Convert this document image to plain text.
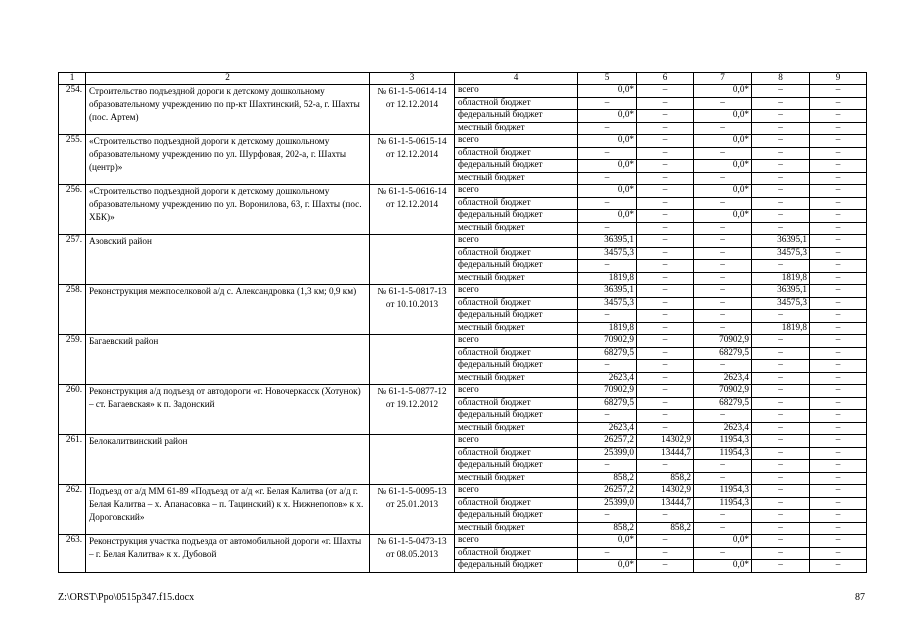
1	2	3	4	5	6	7	8	9
254.	Строительство подъездной дороги к детскому дошкольному образовательному учреждению по пр-кт Шахтинский, 52-а, г. Шахты (пос. Артем)	№ 61-1-5-0614-14 от 12.12.2014	всего	0,0*	–	0,0*	–	–
			областной бюджет	–	–	–	–	–
			федеральный бюджет	0,0*	–	0,0*	–	–
			местный бюджет	–	–	–	–	–
255.	«Строительство подъездной дороги к детскому дошкольному образовательному учреждению по ул. Шурфовая, 202-а, г. Шахты (центр)»	№ 61-1-5-0615-14 от 12.12.2014	всего	0,0*	–	0,0*	–	–
			областной бюджет	–	–	–	–	–
			федеральный бюджет	0,0*	–	0,0*	–	–
			местный бюджет	–	–	–	–	–
256.	«Строительство подъездной дороги к детскому дошкольному образовательному учреждению по ул. Воронилова, 63, г. Шахты (пос. ХБК)»	№ 61-1-5-0616-14 от 12.12.2014	всего	0,0*	–	0,0*	–	–
			областной бюджет	–	–	–	–	–
			федеральный бюджет	0,0*	–	0,0*	–	–
			местный бюджет	–	–	–	–	–
257.	Азовский район		всего	36395,1	–	–	36395,1	–
			областной бюджет	34575,3	–	–	34575,3	–
			федеральный бюджет	–	–	–	–	–
			местный бюджет	1819,8	–	–	1819,8	–
258.	Реконструкция межпоселковой а/д с. Александровка (1,3 км; 0,9 км)	№ 61-1-5-0817-13 от 10.10.2013	всего	36395,1	–	–	36395,1	–
			областной бюджет	34575,3	–	–	34575,3	–
			федеральный бюджет	–	–	–	–	–
			местный бюджет	1819,8	–	–	1819,8	–
259.	Багаевский район		всего	70902,9	–	70902,9	–	–
			областной бюджет	68279,5	–	68279,5	–	–
			федеральный бюджет	–	–	–	–	–
			местный бюджет	2623,4	–	2623,4	–	–
260.	Реконструкция а/д подъезд от автодороги «г. Новочеркасск (Хотунок) – ст. Багаевская» к п. Задонский	№ 61-1-5-0877-12 от 19.12.2012	всего	70902,9	–	70902,9	–	–
			областной бюджет	68279,5	–	68279,5	–	–
			федеральный бюджет	–	–	–	–	–
			местный бюджет	2623,4	–	2623,4	–	–
261.	Белокалитвинский район		всего	26257,2	14302,9	11954,3	–	–
			областной бюджет	25399,0	13444,7	11954,3	–	–
			федеральный бюджет	–	–	–	–	–
			местный бюджет	858,2	858,2	–	–	–
262.	Подъезд от а/д ММ 61-89 «Подъезд от а/д «г. Белая Калитва (от а/д г. Белая Калитва – х. Апанасовка – п. Тацинский) к х. Нижнепопов» к х. Дороговский»	№ 61-1-5-0095-13 от 25.01.2013	всего	26257,2	14302,9	11954,3	–	–
			областной бюджет	25399,0	13444,7	11954,3	–	–
			федеральный бюджет	–	–	–	–	–
			местный бюджет	858,2	858,2	–	–	–
263.	Реконструкция участка подъезда от автомобильной дороги «г. Шахты – г. Белая Калитва» к х. Дубовой	№ 61-1-5-0473-13 от 08.05.2013	всего	0,0*	–	0,0*	–	–
			областной бюджет	–	–	–	–	–
			федеральный бюджет	0,0*	–	0,0*	–	–
Z:\ORST\Ppo\0515p347.f15.docx	87
